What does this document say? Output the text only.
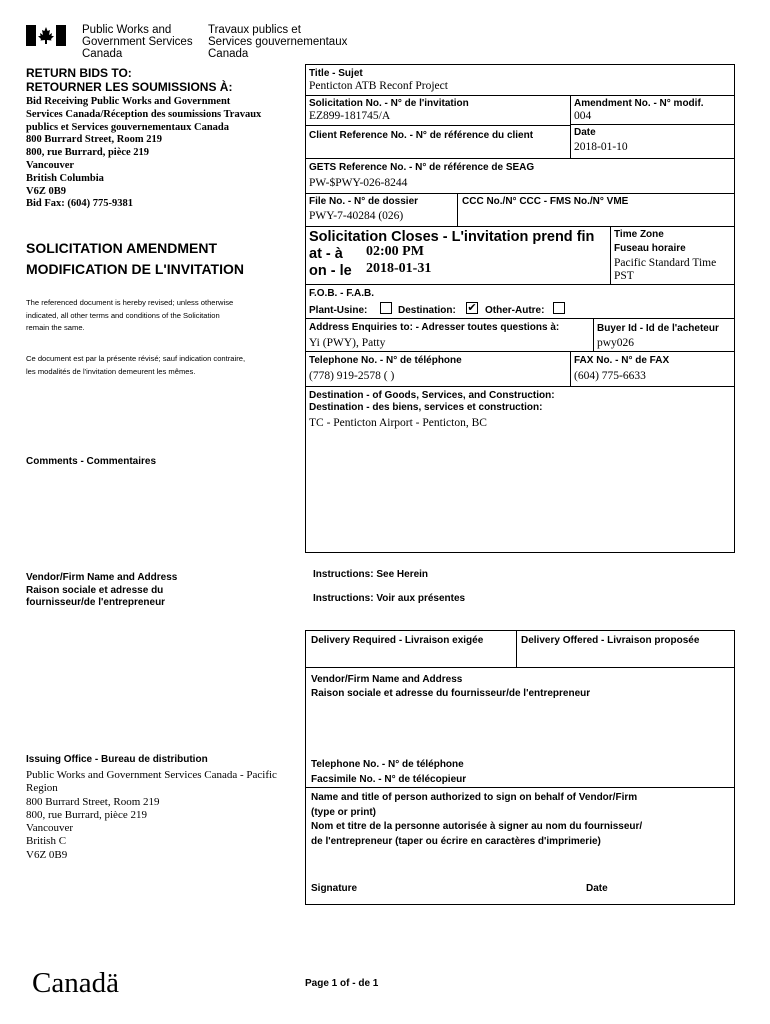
Public Works and
Government Services
Canada
Travaux publics et
Services gouvernementaux
Canada
RETURN BIDS TO:
RETOURNER LES SOUMISSIONS À:
Bid Receiving Public Works and Government
Services Canada/Réception des soumissions Travaux
publics et Services gouvernementaux Canada
800 Burrard Street, Room 219
800, rue Burrard, pièce 219
Vancouver
British Columbia
V6Z 0B9
Bid Fax: (604) 775-9381
SOLICITATION AMENDMENT
MODIFICATION DE L'INVITATION
The referenced document is hereby revised; unless otherwise
indicated, all other terms and conditions of the Solicitation
remain the same.
Ce document est par la présente révisé; sauf indication contraire,
les modalités de l'invitation demeurent les mêmes.
Comments - Commentaires
Vendor/Firm Name and Address
Raison sociale et adresse du
fournisseur/de l'entrepreneur
Issuing Office - Bureau de distribution
Public Works and Government Services Canada - Pacific
Region
800 Burrard Street, Room 219
800, rue Burrard, pièce 219
Vancouver
British C
V6Z 0B9
Title - Sujet
Penticton ATB Reconf Project
Solicitation No. - N° de l'invitation
EZ899-181745/A
Amendment No. - N° modif.
004
Client Reference No. - N° de référence du client	Date
2018-01-10
GETS Reference No. - N° de référence de SEAG
PW-$PWY-026-8244
File No. - N° de dossier
PWY-7-40284 (026)
CCC No./N° CCC - FMS No./N° VME
Solicitation Closes - L'invitation prend fin
at - à 02:00 PM
on - le 2018-01-31
Time Zone
Fuseau horaire
Pacific Standard Time
PST
F.O.B. - F.A.B.
Plant-Usine:	Destination: ✔ Other-Autre:
Address Enquiries to: - Adresser toutes questions à:
Yi (PWY), Patty
Buyer Id - Id de l'acheteur
pwy026
Telephone No. - N° de téléphone
(778) 919-2578 ( )
FAX No. - N° de FAX
(604) 775-6633
Destination - of Goods, Services, and Construction:
Destination - des biens, services et construction:
TC - Penticton Airport - Penticton, BC
Instructions: See Herein
Instructions: Voir aux présentes
Delivery Required - Livraison exigée	Delivery Offered - Livraison proposée
Vendor/Firm Name and Address
Raison sociale et adresse du fournisseur/de l'entrepreneur
Telephone No. - N° de téléphone
Facsimile No. - N° de télécopieur
Name and title of person authorized to sign on behalf of Vendor/Firm
(type or print)
Nom et titre de la personne autorisée à signer au nom du fournisseur/
de l'entrepreneur (taper ou écrire en caractères d'imprimerie)
Signature	Date
Canadä	Page 1 of - de 1
